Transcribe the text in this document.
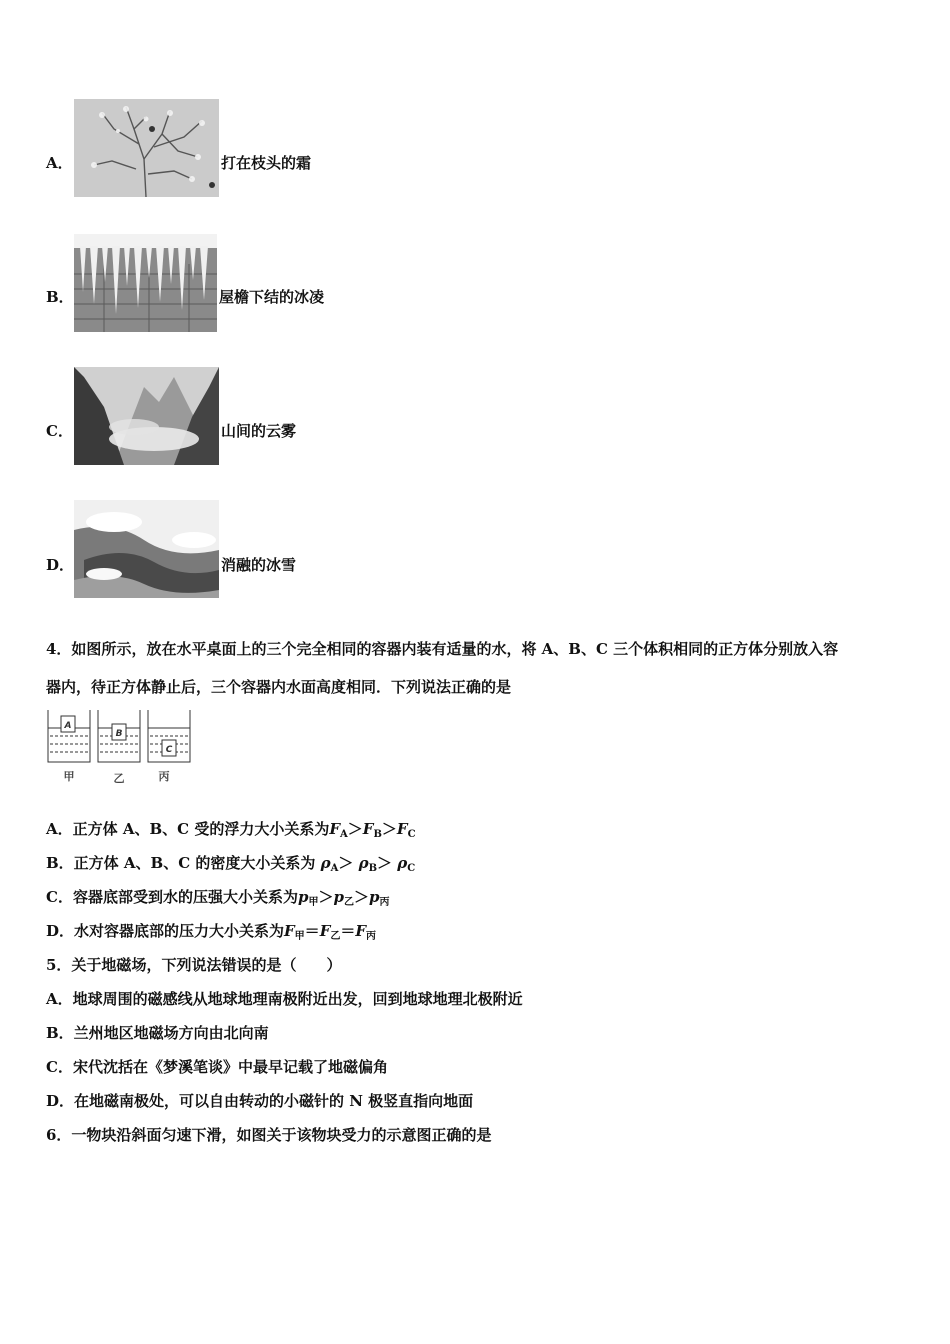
A．	打在枝头的霜
B．	屋檐下结的冰凌
C．	山间的云雾
D．	消融的冰雪
4．如图所示，放在水平桌面上的三个完全相同的容器内装有适量的水，将 A、B、C 三个体积相同的正方体分别放入容
器内，待正方体静止后，三个容器内水面高度相同．下列说法正确的是
A
B
C
甲	乙	丙
A．正方体 A、B、C 受的浮力大小关系为$F_A>F_B>F_C$
B．正方体 A、B、C 的密度大小关系为 $\rho_A> \rho_B> \rho_C$
C．容器底部受到水的压强大小关系为$p_甲>p_乙>p_丙$
D．水对容器底部的压力大小关系为$F_甲=F_乙=F_丙$
5．关于地磁场，下列说法错误的是（　　）
A．地球周围的磁感线从地球地理南极附近出发，回到地球地理北极附近
B．兰州地区地磁场方向由北向南
C．宋代沈括在《梦溪笔谈》中最早记载了地磁偏角
D．在地磁南极处，可以自由转动的小磁针的 N 极竖直指向地面
6．一物块沿斜面匀速下滑，如图关于该物块受力的示意图正确的是
